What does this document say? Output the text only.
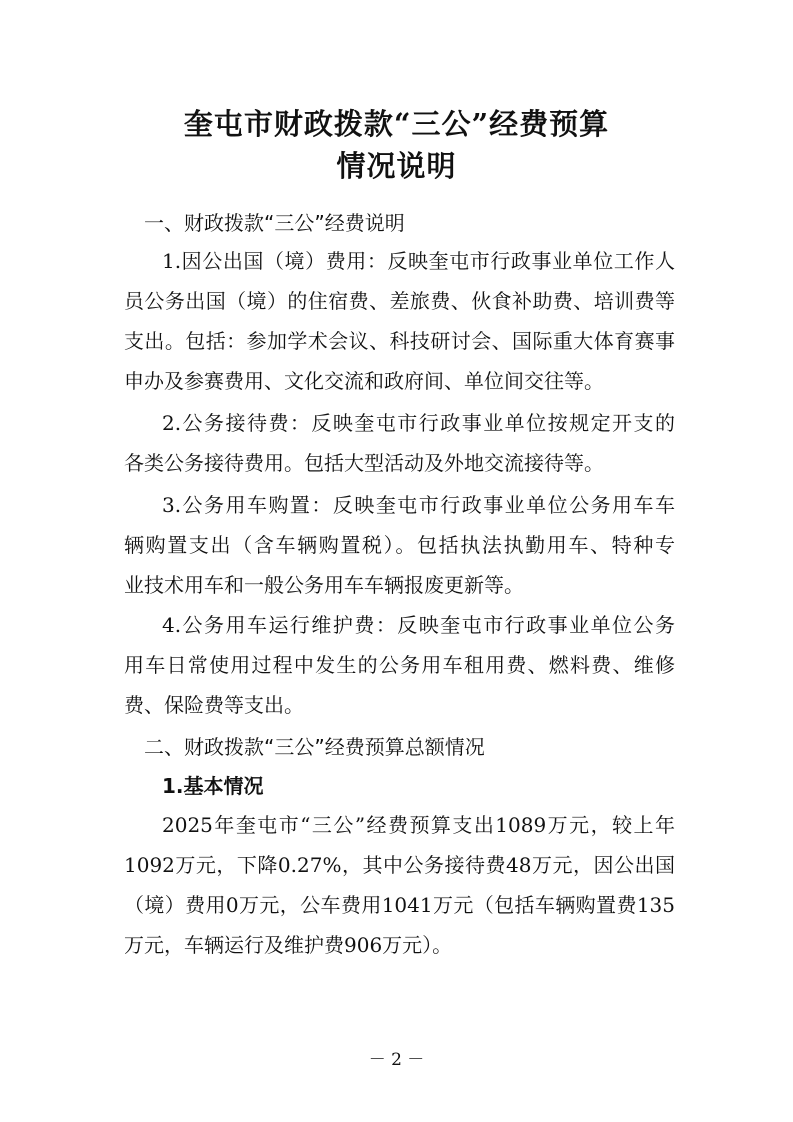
奎屯市财政拨款“三公”经费预算
情况说明
一、财政拨款“三公”经费说明
1.因公出国（境）费用：反映奎屯市行政事业单位工作人
员公务出国（境）的住宿费、差旅费、伙食补助费、培训费等
支出。包括：参加学术会议、科技研讨会、国际重大体育赛事
申办及参赛费用、文化交流和政府间、单位间交往等。
2.公务接待费：反映奎屯市行政事业单位按规定开支的
各类公务接待费用。包括大型活动及外地交流接待等。
3.公务用车购置：反映奎屯市行政事业单位公务用车车
辆购置支出（含车辆购置税）。包括执法执勤用车、特种专
业技术用车和一般公务用车车辆报废更新等。
4.公务用车运行维护费：反映奎屯市行政事业单位公务
用车日常使用过程中发生的公务用车租用费、燃料费、维修
费、保险费等支出。
二、财政拨款“三公”经费预算总额情况
1.基本情况
2025年奎屯市“三公”经费预算支出1089万元，较上年
1092万元，下降0.27%，其中公务接待费48万元，因公出国
（境）费用0万元，公车费用1041万元（包括车辆购置费135
万元，车辆运行及维护费906万元）。
－ 2 －
